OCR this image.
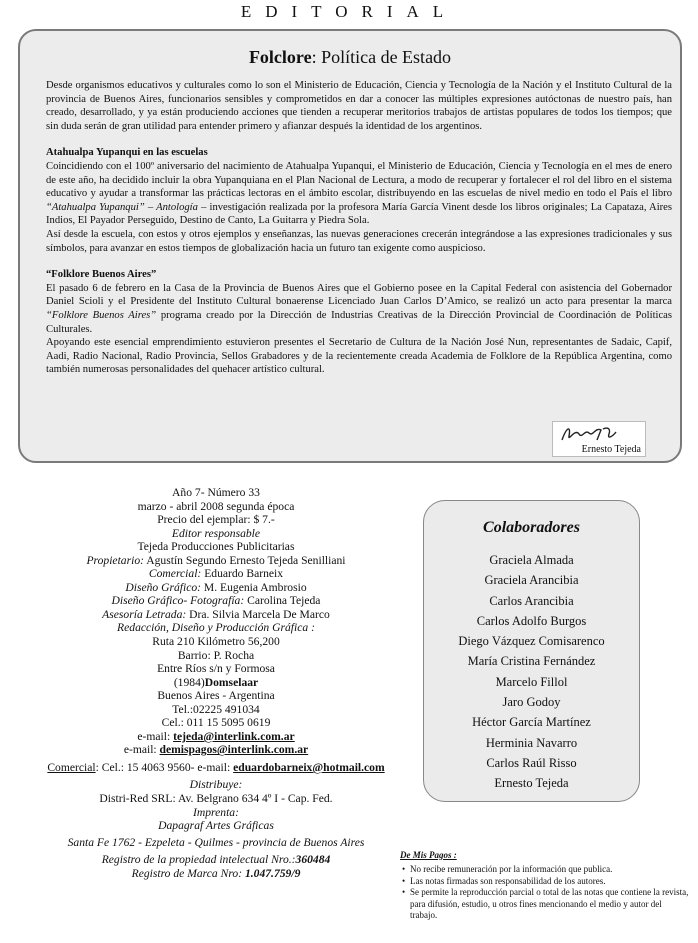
EDITORIAL
Folclore: Política de Estado

Desde organismos educativos y culturales como lo son el Ministerio de Educación, Ciencia y Tecnología de la Nación y el Instituto Cultural de la provincia de Buenos Aires, funcionarios sensibles y comprometidos en dar a conocer las múltiples expresiones autóctonas de nuestro país, han creado, desarrollado, y ya están produciendo acciones que tienden a recuperar meritorios trabajos de artistas populares de todos los tiempos; que sin duda serán de gran utilidad para entender primero y afianzar después la identidad de los argentinos.

Atahualpa Yupanqui en las escuelas

Coincidiendo con el 100º aniversario del nacimiento de Atahualpa Yupanqui, el Ministerio de Educación, Ciencia y Tecnología en el mes de enero de este año, ha decidido incluir la obra Yupanquiana en el Plan Nacional de Lectura, a modo de recuperar y fortalecer el rol del libro en el sistema educativo y ayudar a transformar las prácticas lectoras en el ámbito escolar, distribuyendo en las escuelas de nivel medio en todo el País el libro “Atahualpa Yupanqui” – Antología – investigación realizada por la profesora María García Vinent desde los libros originales; La Capataza, Aires Indios, El Payador Perseguido, Destino de Canto, La Guitarra y Piedra Sola.

Así desde la escuela, con estos y otros ejemplos y enseñanzas, las nuevas generaciones crecerán integrándose a las expresiones tradicionales y sus símbolos, para avanzar en estos tiempos de globalización hacia un futuro tan exigente como auspicioso.

“Folklore Buenos Aires”

El pasado 6 de febrero en la Casa de la Provincia de Buenos Aires que el Gobierno posee en la Capital Federal con asistencia del Gobernador Daniel Scioli y el Presidente del Instituto Cultural bonaerense Licenciado Juan Carlos D’Amico, se realizó un acto para presentar la marca “Folklore Buenos Aires” programa creado por la Dirección de Industrias Creativas de la Dirección Provincial de Coordinación de Políticas Culturales.

Apoyando este esencial emprendimiento estuvieron presentes el Secretario de Cultura de la Nación José Nun, representantes de Sadaic, Capif, Aadi, Radio Nacional, Radio Provincia, Sellos Grabadores y de la recientemente creada Academia de Folklore de la República Argentina, como también numerosas personalidades del quehacer artístico cultural.

Ernesto Tejeda
Año 7- Número 33
marzo - abril 2008 segunda época
Precio del ejemplar: $ 7.-
Editor responsable
Tejeda Producciones Publicitarias
Propietario: Agustín Segundo Ernesto Tejeda Senilliani
Comercial: Eduardo Barneix
Diseño Gráfico: M. Eugenia Ambrosio
Diseño Gráfico- Fotografía: Carolina Tejeda
Asesoría Letrada: Dra. Silvia Marcela De Marco
Redacción, Diseño y Producción Gráfica :
Ruta 210 Kilómetro 56,200
Barrio: P. Rocha
Entre Ríos s/n y Formosa
(1984)Domselaar
Buenos Aires - Argentina
Tel.:02225 491034
Cel.: 011 15 5095 0619
e-mail: tejeda@interlink.com.ar
e-mail: demispagos@interlink.com.ar
Comercial: Cel.: 15 4063 9560- e-mail: eduardobarneix@hotmail.com
Distribuye:
Distri-Red SRL: Av. Belgrano 634 4º I - Cap. Fed.
Imprenta:
Dapagraf Artes Gráficas
Santa Fe 1762 - Ezpeleta - Quilmes - provincia de Buenos Aires
Registro de la propiedad intelectual Nro.:360484
Registro de Marca Nro: 1.047.759/9
Colaboradores
Graciela Almada
Graciela Arancibia
Carlos Arancibia
Carlos Adolfo Burgos
Diego Vázquez Comisarenco
María Cristina Fernández
Marcelo Fillol
Jaro Godoy
Héctor García Martínez
Herminia Navarro
Carlos Raúl Risso
Ernesto Tejeda
De Mis Pagos :
• No recibe remuneración por la información que publica.
• Las notas firmadas son responsabilidad de los autores.
• Se permite la reproducción parcial o total de las notas que contiene la revista, para difusión, estudio, u otros fines mencionando el medio y autor del trabajo.
